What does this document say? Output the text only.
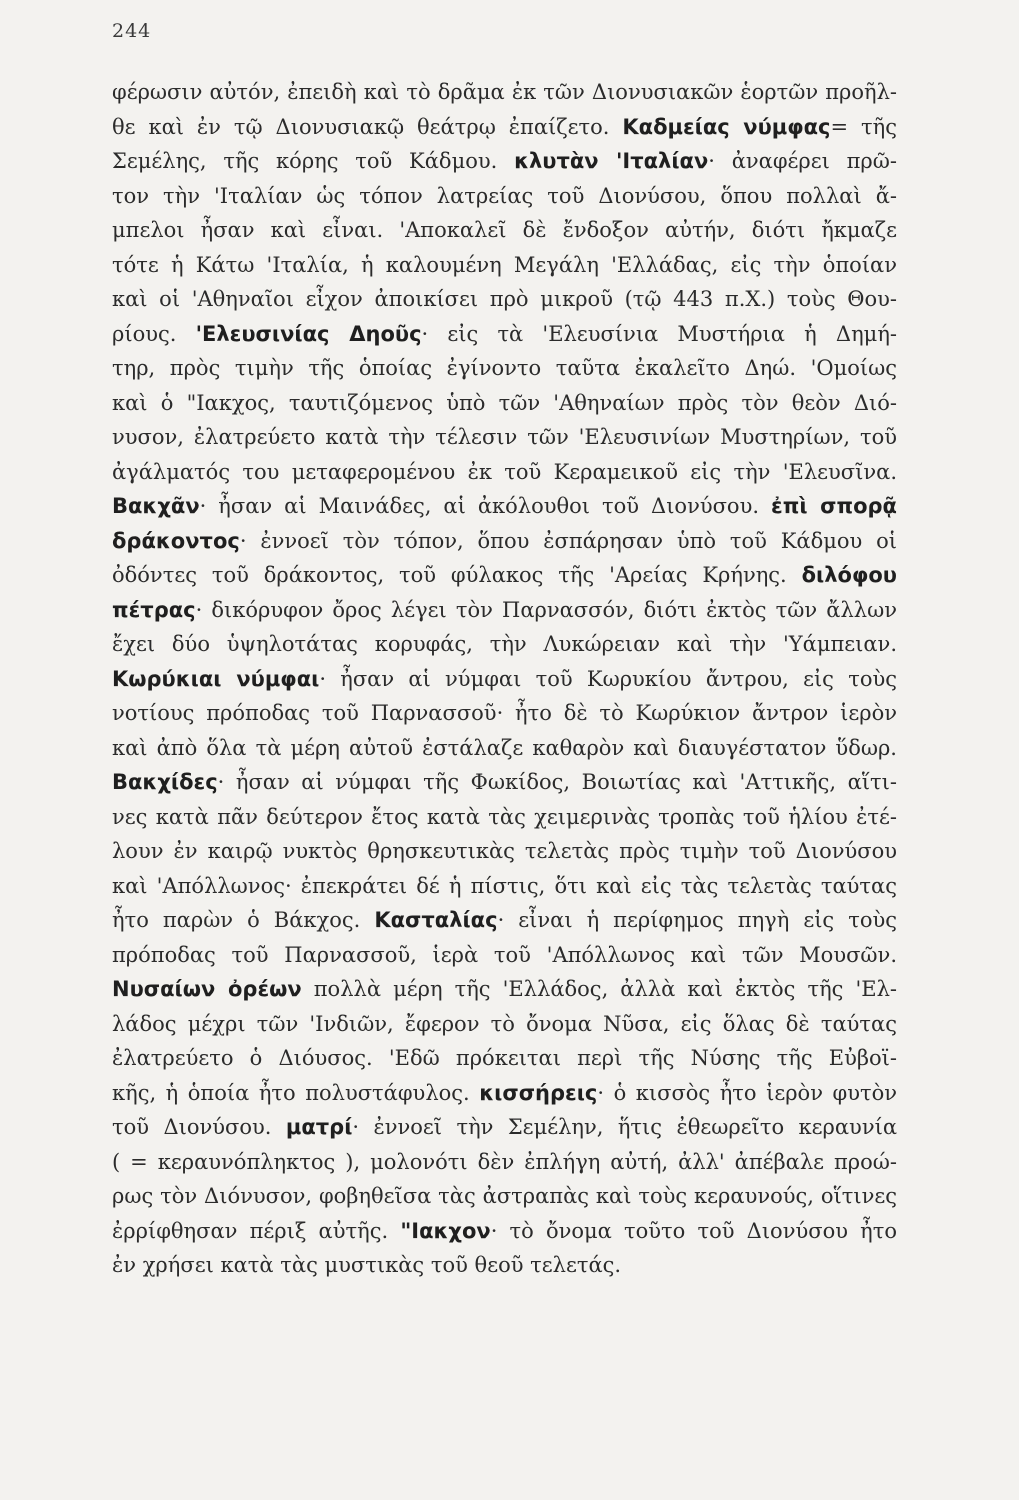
244
φέρωσιν αὐτόν, ἐπειδὴ καὶ τὸ δρᾶμα ἐκ τῶν Διονυσιακῶν ἑορτῶν προῆλ-
θε καὶ ἐν τῷ Διονυσιακῷ θεάτρῳ ἐπαίζετο. Καδμείας νύμφας= τῆς
Σεμέλης, τῆς κόρης τοῦ Κάδμου. κλυτὰν 'Ιταλίαν· ἀναφέρει πρῶ-
τον τὴν 'Ιταλίαν ὡς τόπον λατρείας τοῦ Διονύσου, ὅπου πολλαὶ ἄ-
μπελοι ἦσαν καὶ εἶναι. 'Αποκαλεῖ δὲ ἔνδοξον αὐτήν, διότι ἤκμαζε
τότε ἡ Κάτω 'Ιταλία, ἡ καλουμένη Μεγάλη 'Ελλάδας, εἰς τὴν ὁποίαν
καὶ οἱ 'Αθηναῖοι εἶχον ἀποικίσει πρὸ μικροῦ (τῷ 443 π.Χ.) τοὺς Θου-
ρίους. 'Ελευσινίας Δηοῦς· εἰς τὰ 'Ελευσίνια Μυστήρια ἡ Δημή-
τηρ, πρὸς τιμὴν τῆς ὁποίας ἐγίνοντο ταῦτα ἐκαλεῖτο Δηώ. 'Ομοίως
καὶ ὁ "Ιακχος, ταυτιζόμενος ὑπὸ τῶν 'Αθηναίων πρὸς τὸν θεὸν Διό-
νυσον, ἐλατρεύετο κατὰ τὴν τέλεσιν τῶν 'Ελευσινίων Μυστηρίων, τοῦ
ἀγάλματός του μεταφερομένου ἐκ τοῦ Κεραμεικοῦ εἰς τὴν 'Ελευσῖνα.
Βακχᾶν· ἦσαν αἱ Μαινάδες, αἱ ἀκόλουθοι τοῦ Διονύσου. ἐπὶ σπορᾷ
δράκοντος· ἐννοεῖ τὸν τόπον, ὅπου ἐσπάρησαν ὑπὸ τοῦ Κάδμου οἱ
ὀδόντες τοῦ δράκοντος, τοῦ φύλακος τῆς 'Αρείας Κρήνης. διλόφου
πέτρας· δικόρυφον ὄρος λέγει τὸν Παρνασσόν, διότι ἐκτὸς τῶν ἄλλων
ἔχει δύο ὑψηλοτάτας κορυφάς, τὴν Λυκώρειαν καὶ τὴν 'Υάμπειαν.
Κωρύκιαι νύμφαι· ἦσαν αἱ νύμφαι τοῦ Κωρυκίου ἄντρου, εἰς τοὺς
νοτίους πρόποδας τοῦ Παρνασσοῦ· ἦτο δὲ τὸ Κωρύκιον ἄντρον ἱερὸν
καὶ ἀπὸ ὅλα τὰ μέρη αὐτοῦ ἐστάλαζε καθαρὸν καὶ διαυγέστατον ὕδωρ.
Βακχίδες· ἦσαν αἱ νύμφαι τῆς Φωκίδος, Βοιωτίας καὶ 'Αττικῆς, αἵτι-
νες κατὰ πᾶν δεύτερον ἔτος κατὰ τὰς χειμερινὰς τροπὰς τοῦ ἡλίου ἐτέ-
λουν ἐν καιρῷ νυκτὸς θρησκευτικὰς τελετὰς πρὸς τιμὴν τοῦ Διονύσου
καὶ 'Απόλλωνος· ἐπεκράτει δέ ἡ πίστις, ὅτι καὶ εἰς τὰς τελετὰς ταύτας
ἦτο παρὼν ὁ Βάκχος. Κασταλίας· εἶναι ἡ περίφημος πηγὴ εἰς τοὺς
πρόποδας τοῦ Παρνασσοῦ, ἱερὰ τοῦ 'Απόλλωνος καὶ τῶν Μουσῶν.
Νυσαίων ὀρέων πολλὰ μέρη τῆς 'Ελλάδος, ἀλλὰ καὶ ἐκτὸς τῆς 'Ελ-
λάδος μέχρι τῶν 'Ινδιῶν, ἔφερον τὸ ὄνομα Νῦσα, εἰς ὅλας δὲ ταύτας
ἐλατρεύετο ὁ Διόυσος. 'Εδῶ πρόκειται περὶ τῆς Νύσης τῆς Εὐβοϊ-
κῆς, ἡ ὁποία ἦτο πολυστάφυλος. κισσήρεις· ὁ κισσὸς ἦτο ἱερὸν φυτὸν
τοῦ Διονύσου. ματρί· ἐννοεῖ τὴν Σεμέλην, ἥτις ἐθεωρεῖτο κεραυνία
( = κεραυνόπληκτος ), μολονότι δὲν ἐπλήγη αὐτή, ἀλλ' ἀπέβαλε προώ-
ρως τὸν Διόνυσον, φοβηθεῖσα τὰς ἀστραπὰς καὶ τοὺς κεραυνούς, οἵτινες
ἐρρίφθησαν πέριξ αὐτῆς. "Ιακχον· τὸ ὄνομα τοῦτο τοῦ Διονύσου ἦτο
ἐν χρήσει κατὰ τὰς μυστικὰς τοῦ θεοῦ τελετάς.
